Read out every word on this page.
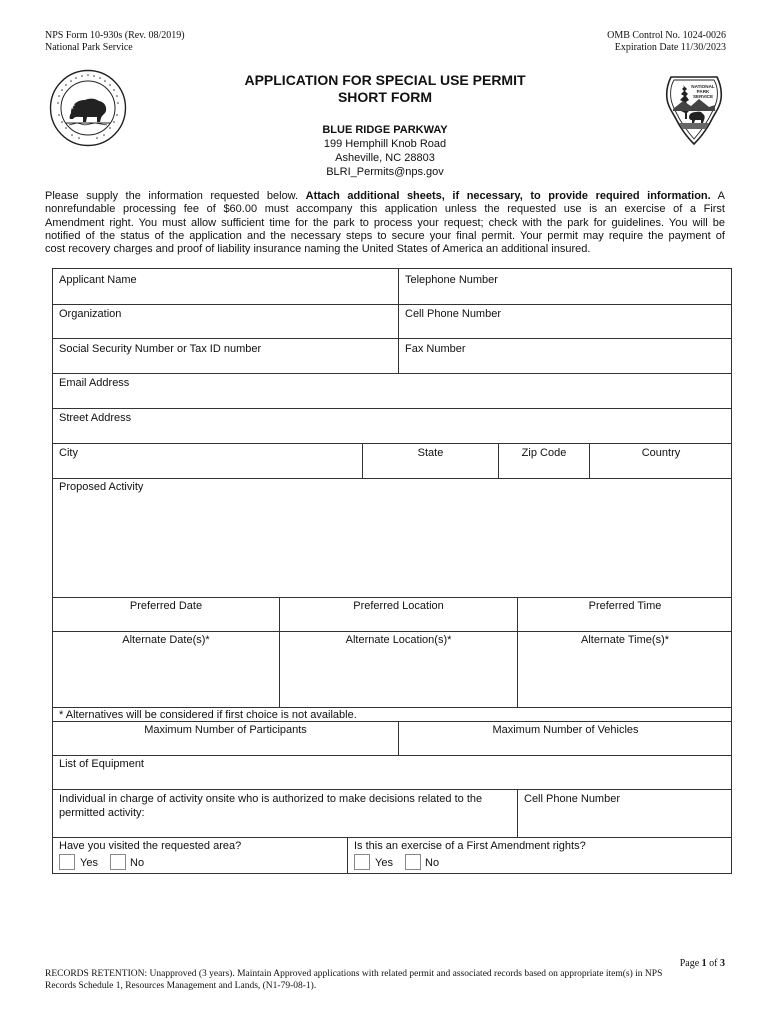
NPS Form 10-930s (Rev. 08/2019)
National Park Service
OMB Control No. 1024-0026
Expiration Date 11/30/2023
NATIONAL
PARK
SERVICE
APPLICATION FOR SPECIAL USE PERMIT
SHORT FORM
BLUE RIDGE PARKWAY
199 Hemphill Knob Road
Asheville, NC 28803
BLRI_Permits@nps.gov
Please supply the information requested below. Attach additional sheets, if necessary, to provide required information. A
nonrefundable processing fee of $60.00 must accompany this application unless the requested use is an exercise of a First
Amendment right. You must allow sufficient time for the park to process your request; check with the park for guidelines. You will be
notified of the status of the application and the necessary steps to secure your final permit. Your permit may require the payment of
cost recovery charges and proof of liability insurance naming the United States of America an additional insured.
Applicant Name	Telephone Number
Organization	Cell Phone Number
Social Security Number or Tax ID number	Fax Number
Email Address
Street Address
City	State	Zip Code	Country
Proposed Activity
Preferred Date	Preferred Location	Preferred Time
Alternate Date(s)*	Alternate Location(s)*	Alternate Time(s)*
* Alternatives will be considered if first choice is not available.
Maximum Number of Participants	Maximum Number of Vehicles
List of Equipment
Individual in charge of activity onsite who is authorized to make decisions related to the
permitted activity:
Cell Phone Number
Have you visited the requested area?	Is this an exercise of a First Amendment rights?
Yes	No	Yes	No
Page 1 of 3
RECORDS RETENTION: Unapproved (3 years). Maintain Approved applications with related permit and associated records based on appropriate item(s) in NPS
Records Schedule 1, Resources Management and Lands, (N1-79-08-1).
